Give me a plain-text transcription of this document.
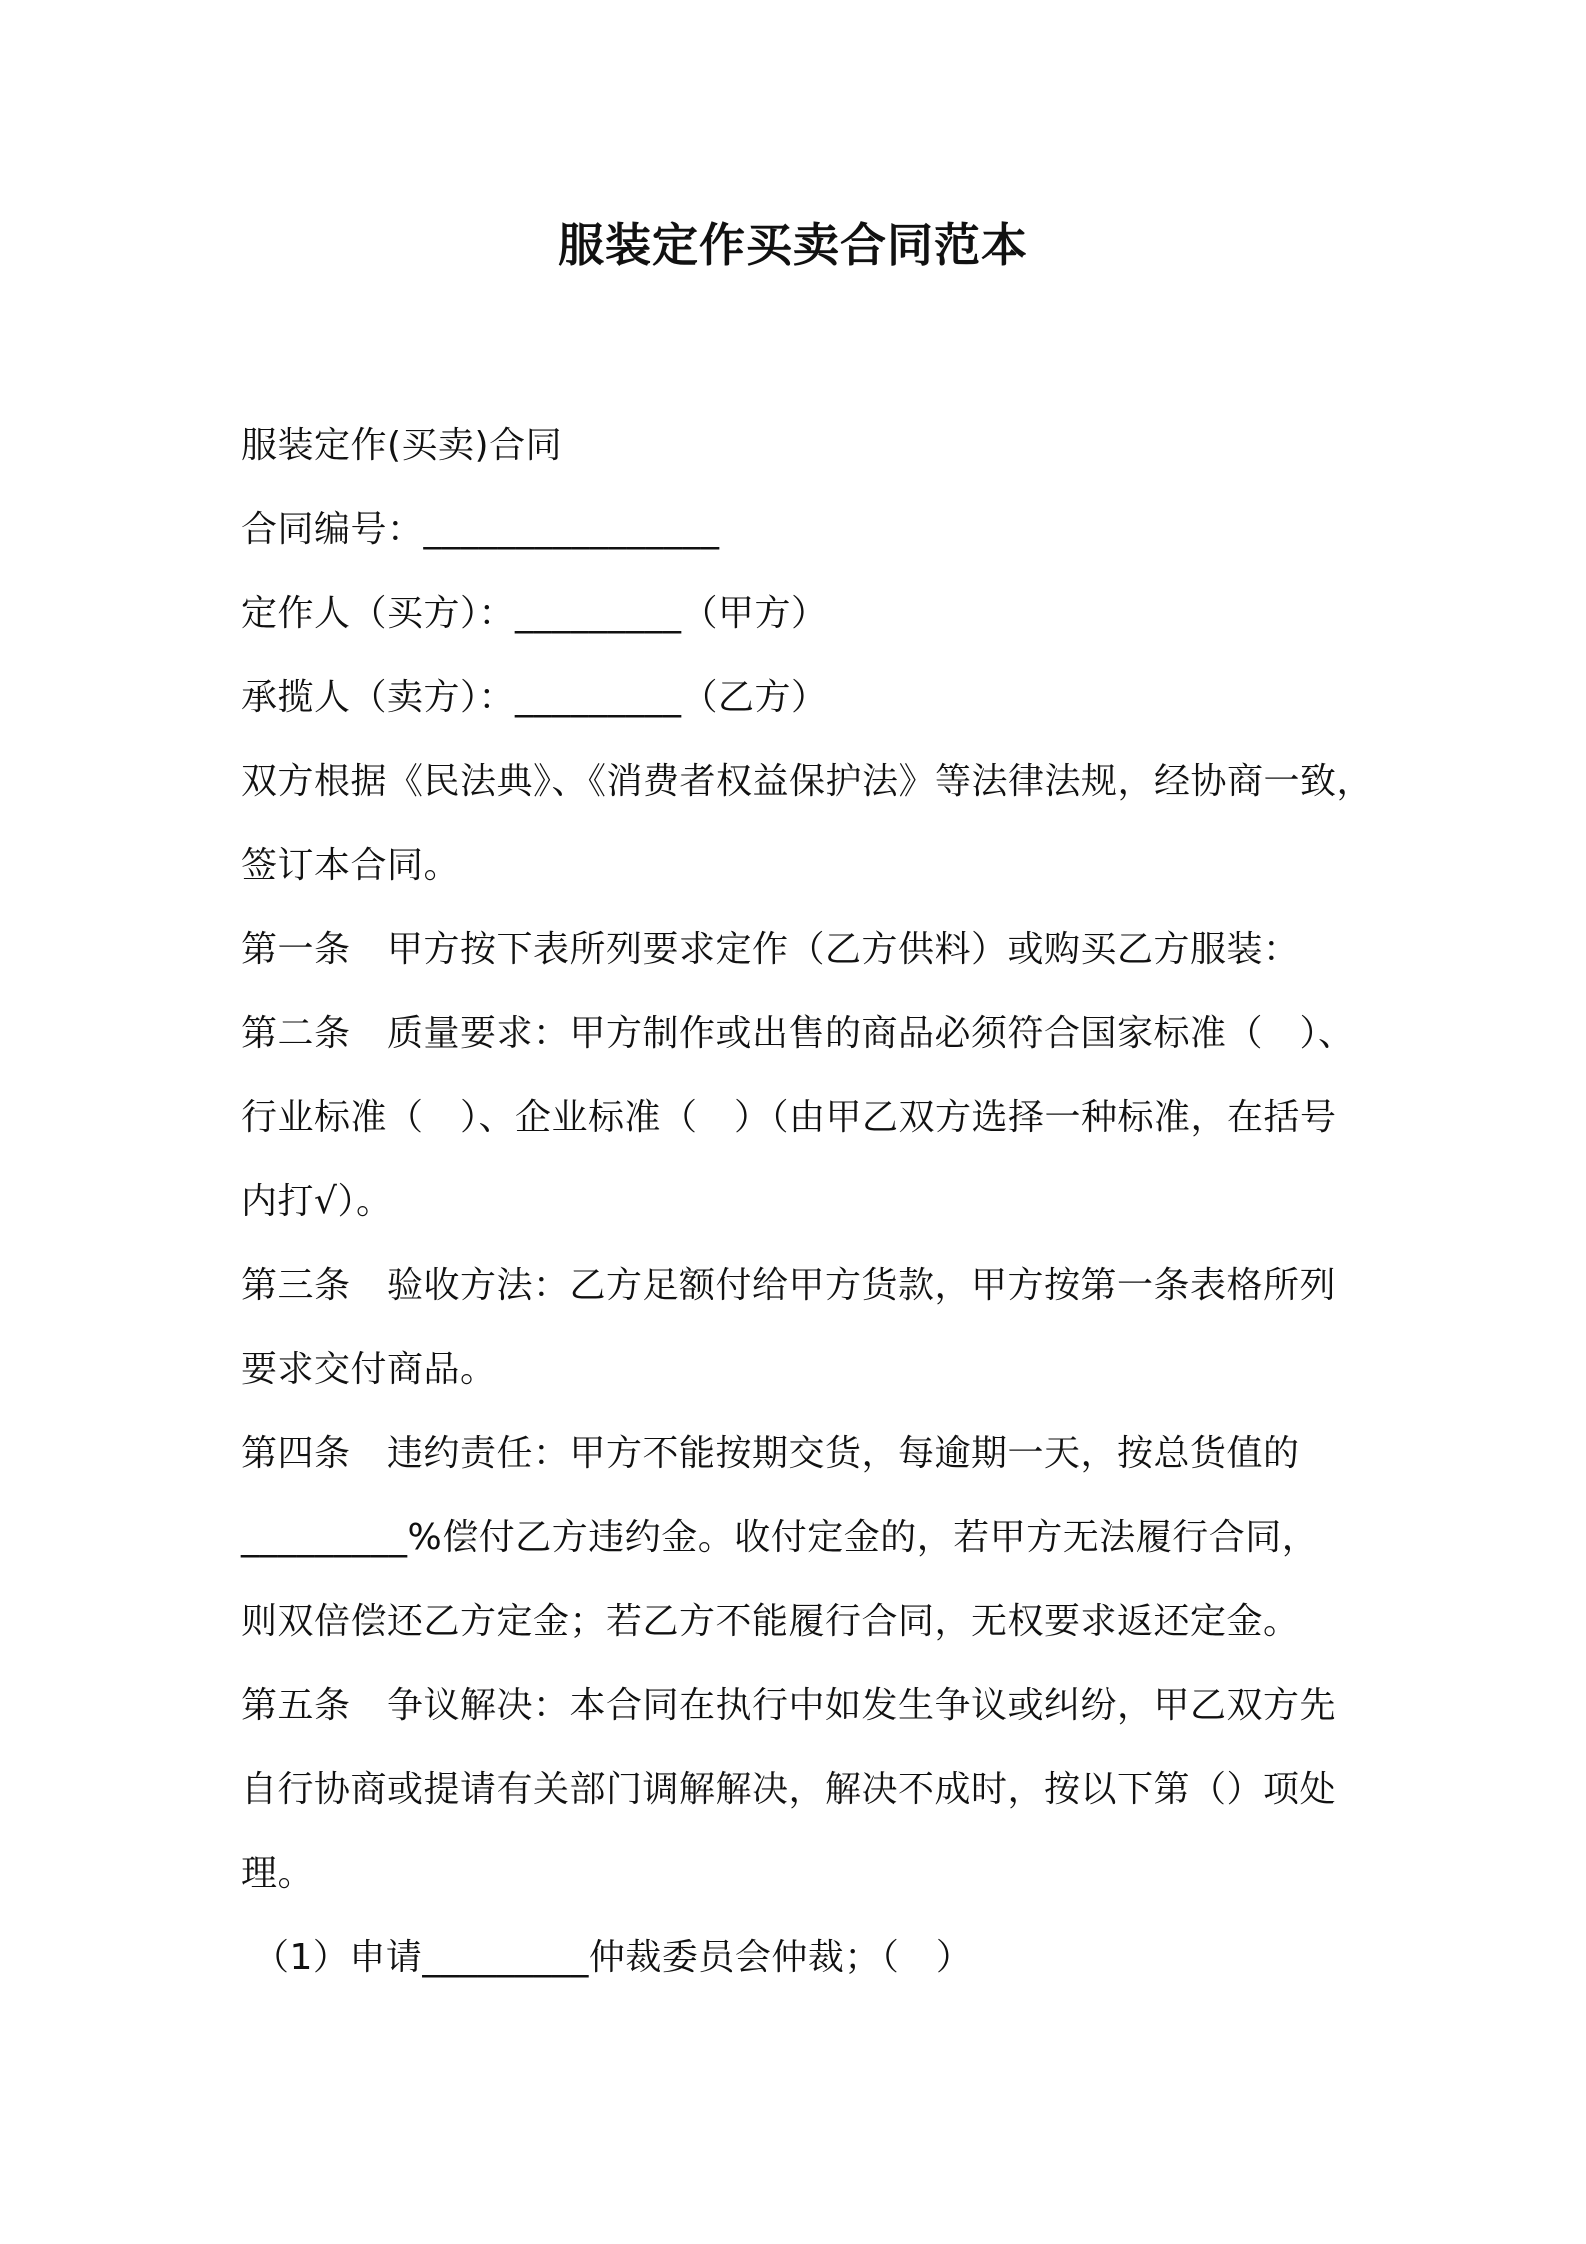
服装定作买卖合同范本
服装定作(买卖)合同
合同编号：________________
定作人（买方）：_________（甲方）
承揽人（卖方）：_________（乙方）
双方根据《民法典》、《消费者权益保护法》等法律法规，经协商一致，
签订本合同。
第一条　甲方按下表所列要求定作（乙方供料）或购买乙方服装：
第二条　质量要求：甲方制作或出售的商品必须符合国家标准（　）、
行业标准（　）、企业标准（　）（由甲乙双方选择一种标准，在括号
内打√）。
第三条　验收方法：乙方足额付给甲方货款，甲方按第一条表格所列
要求交付商品。
第四条　违约责任：甲方不能按期交货，每逾期一天，按总货值的
_________%偿付乙方违约金。收付定金的，若甲方无法履行合同，
则双倍偿还乙方定金；若乙方不能履行合同，无权要求返还定金。
第五条　争议解决：本合同在执行中如发生争议或纠纷，甲乙双方先
自行协商或提请有关部门调解解决，解决不成时，按以下第（）项处
理。
（1）申请_________仲裁委员会仲裁；（　）
